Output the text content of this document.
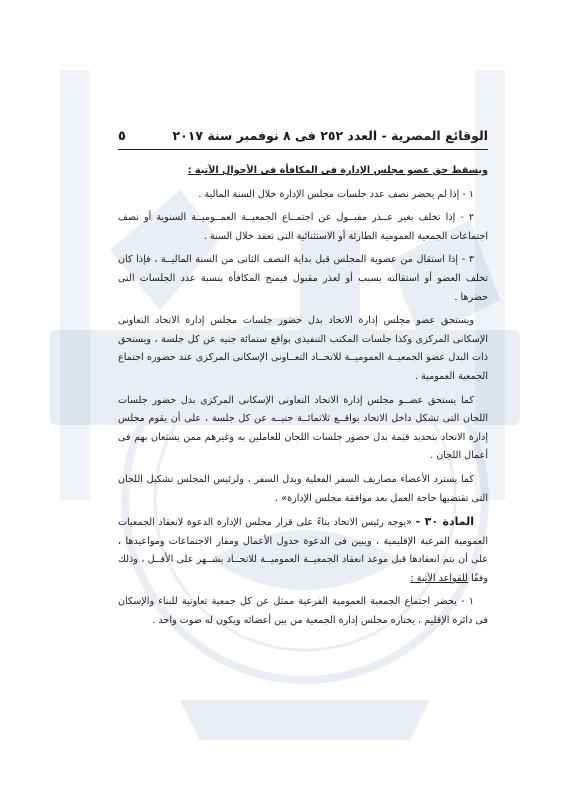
الوقائع المصرية - العدد ٢٥٢ فى ٨ نوفمبر سنة ٢٠١٧
٥

ويسقط حق عضو مجلس الإدارة فى المكافأة فى الأحوال الآتية :

١ - إذا لم يحضر نصف عدد جلسات مجلس الإدارة خلال السنة المالية .

٢ - إذا تخلف بغير عــذر مقبــول عن اجتمــاع الجمعيــة العمــوميــة السنوية أو نصف اجتماعات الجمعية العمومية الطارئة أو الاستثنائية التى تعقد خلال السنة .

٣ - إذا استقال من عضوية المجلس قبل بداية النصف الثانى من السنة الماليــة ، فإذا كان تخلف العضو أو استقالته بسبب أو لعذر مقبول فيمنح المكافأة بنسبة عدد الجلسات التى حضرها .

ويستحق عضو مجلس إدارة الاتحاد بدل حضور جلسات مجلس إدارة الاتحاد التعاونى الإسكانى المركزى وكذا جلسات المكتب التنفيذى بواقع ستمائة جنيه عن كل جلسة ، ويستحق ذات البدل عضو الجمعيــة العموميــة للاتحــاد التعــاونى الإسكانى المركزى عند حضوره اجتماع الجمعية العمومية .

كما يستحق عضــو مجلس إدارة الاتحاد التعاونى الإسكانى المركزى بدل حضور جلسات اللجان التى تشكل داخل الاتحاد بواقــع ثلاثمائــة جنيــه عن كل جلسة ، على أن يقوم مجلس إدارة الاتحاد بتحديد قيمة بدل حضور جلسات اللجان للعاملين به وغيرهم ممن يستعان بهم فى أعمال اللجان .

كما يسترد الأعضاء مصاريف السفر الفعلية وبدل السفر ، ولرئيس المجلس تشكيل اللجان التى تقتضيها حاجة العمل بعد موافقة مجلس الإدارة» .

المادة ٣٠ - «يوجه رئيس الاتحاد بناءً على قرار مجلس الإدارة الدعوة لانعقاد الجمعيات العمومية الفرعية الإقليمية ، ويبين فى الدعوة جدول الأعمال ومقار الاجتماعات ومواعيدها ، على أن يتم انعقادها قبل موعد انعقاد الجمعيــة العموميــة للاتحــاد بشــهر على الأقــل ، وذلك وفقًا للقواعد الآتية :

١ - يحضر اجتماع الجمعية العمومية الفرعية ممثل عن كل جمعية تعاونية للبناء والإسكان فى دائرة الإقليم ، يختاره مجلس إدارة الجمعية من بين أعضائه ويكون له صوت واحد .
